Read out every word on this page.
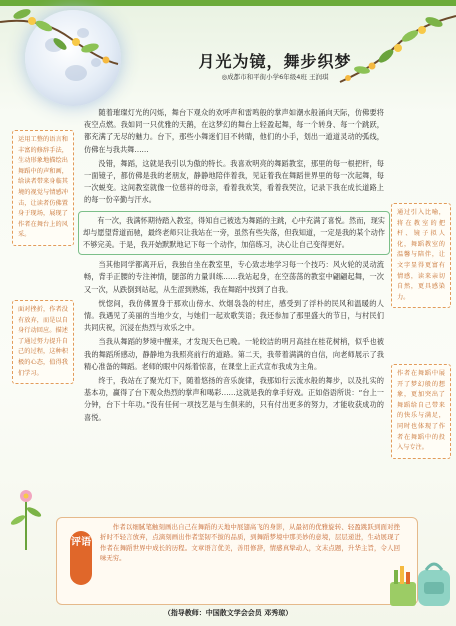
月光为镜，舞步织梦
◎成都市和平街小学6年级4班 王润琪

随着璀璨灯光的闪烁，舞台下观众的欢呼声和雷鸣般的掌声如潮水般涌向天际，仿佛要将夜空点燃。我如同一只优雅的天鹅，在这梦幻的舞台上轻盈起舞，每一个转身、每一个跳跃，都充满了无尽的魅力。台下，那些小舞迷们目不转睛，他们的小手，划出一道道灵动的弧线，仿佛在与我共舞……

没错，舞蹈，这就是我引以为傲的特长。我喜欢明亮的舞蹈教室，那里的每一根把杆，每一面镜子，都仿佛是我的老朋友，静静地陪伴着我，见证着我在舞蹈世界里的每一次起舞，每一次蜕变。这间教室就像一位慈祥的母亲，看着我欢笑，看着我哭泣，记录下我在成长道路上的每一份辛勤与汗水。

有一次，我满怀期待踏入教室，得知自己被选为舞蹈的主跳，心中充满了喜悦。然而，现实却与愿望背道而驰，最终老师只让我站在一旁，虽然有些失落，但我知道，一定是我的某个动作不够完美。于是，我开始默默地记下每一个动作，加倍练习，决心让自己变得更好。

当其他同学都离开后，我独自坐在教室里，专心致志地学习每一个技巧：风火轮的灵动流畅，背手正腰的专注神情，腿部的力量训练……我站起身，在空荡荡的教室中翩翩起舞，一次又一次，从跌倒到站起，从生涩到熟练，我在舞蹈中找到了自我。

恍惚间，我仿佛置身于那欢山傍水、炊烟袅袅的村庄，感受到了浮朴的民风和温暖的人情。我遇见了美丽的当地少女，与她们一起欢歌笑语；我还参加了那里盛大的节日，与村民们共同庆祝，沉浸在热烈与欢乐之中。

当我从舞蹈的梦境中醒来，才发现天色已晚。一轮皎洁的明月高挂在桂花树梢，似乎也被我的舞蹈所感动，静静地为我照亮前行的道路。第二天，我带着满满的自信，向老师展示了我精心准备的舞蹈。老师的眼中闪烁着惊喜，在课堂上正式宣布我成为主角。

终于，我站在了聚光灯下，随着悠扬的音乐旋律，我那如行云流水般的舞步，以及扎实的基本功，赢得了台下观众热烈的掌声和喝彩……这就是我的拿手好戏。正如俗语所说：“台上一分钟，台下十年功。”没有任何一项技艺是与生俱来的，只有付出更多的努力，才能收获成功的喜悦。

运用工整的语言和丰富的修辞手法，生动形象地描绘出舞蹈中的声和画，给读者带来身临其境的视觉与情感冲击，让读者仿佛置身于现场，展现了作者在舞台上的风采。
通过引入比喻，将在教室的把杆、镜子拟人化，舞蹈教室的温馨与陪伴，让文字显得更富有情感，读来亲切自然，更具感染力。
面对挫折，作者没有放弃，而是以自身行动回应。描述了通过努力提升自己的过程，这种积极的心态，值得我们学习。	作者在舞蹈中展开了梦幻般的想象，更加突出了舞蹈给自己带来的快乐与满足，同时也体现了作者在舞蹈中的投入与专注。
评语
作者以细腻笔触刻画出自己在舞蹈的天地中展翅高飞的身影，从最初的优雅旋转、轻盈跳跃到面对挫折时不轻言放弃，点滴刻画出作者坚韧不拔的品质，到舞蹈梦境中那美妙的意境，层层递进，生动展现了作者在舞蹈世界中成长的历程。文章语言优美，善用修辞，情感真挚动人，文末点题，升华主旨，令人回味无穷。
（指导教师：中国散文学会会员 邓秀琼）
